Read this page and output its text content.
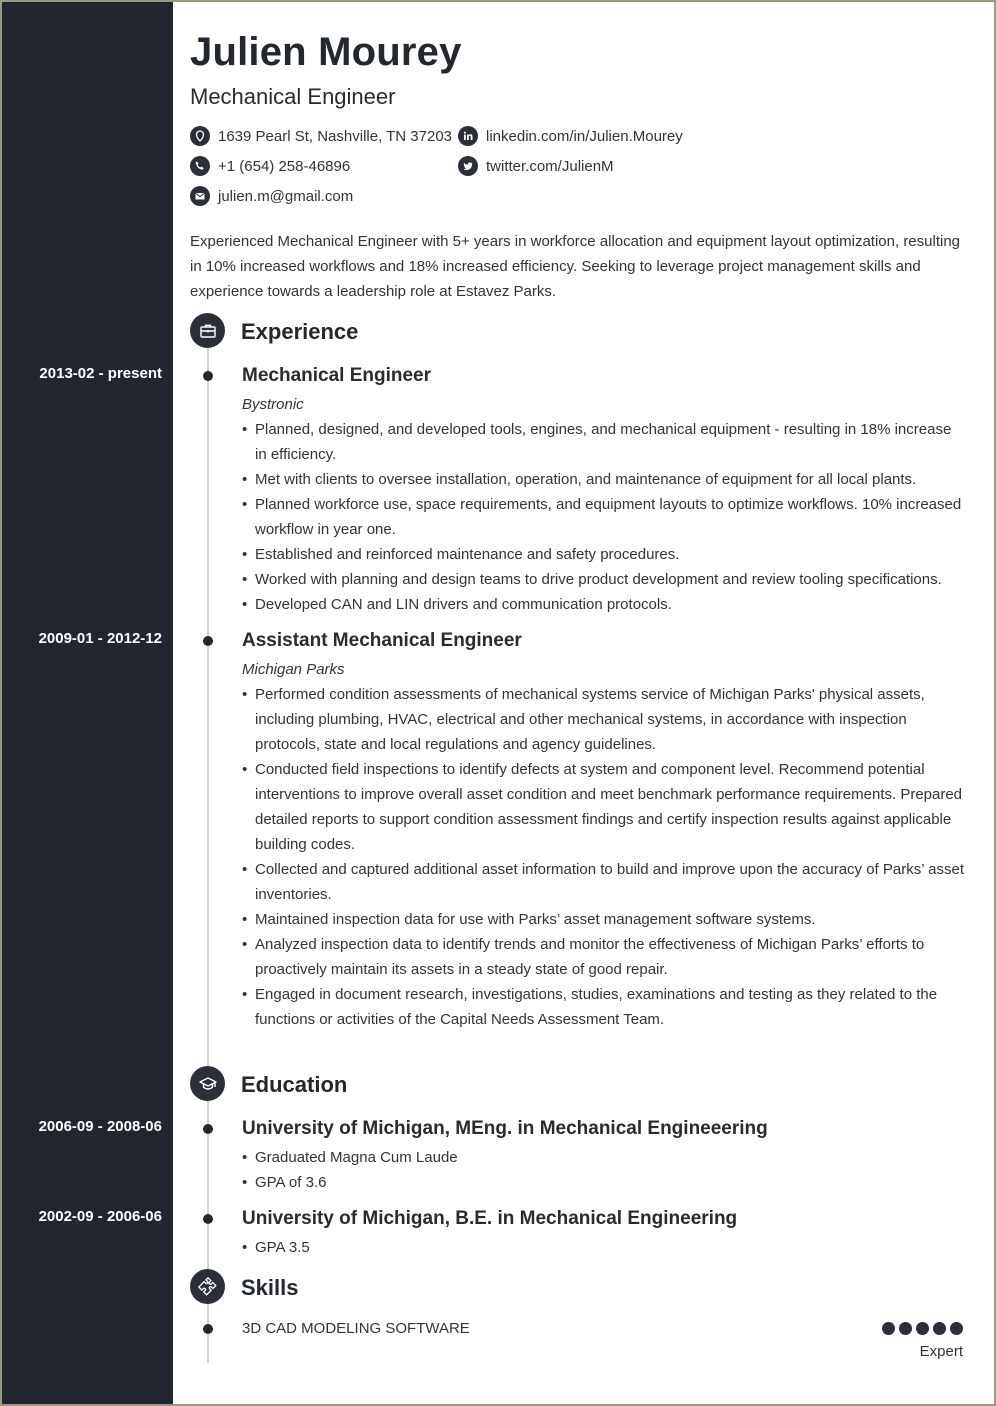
Julien Mourey
Mechanical Engineer
1639 Pearl St, Nashville, TN 37203
+1 (654) 258-46896
julien.m@gmail.com
linkedin.com/in/Julien.Mourey
twitter.com/JulienM

Experienced Mechanical Engineer with 5+ years in workforce allocation and equipment layout optimization, resulting in 10% increased workflows and 18% increased efficiency. Seeking to leverage project management skills and experience towards a leadership role at Estavez Parks.

Experience
2013-02 - present	Mechanical Engineer
Bystronic
• Planned, designed, and developed tools, engines, and mechanical equipment - resulting in 18% increase in efficiency.
• Met with clients to oversee installation, operation, and maintenance of equipment for all local plants.
• Planned workforce use, space requirements, and equipment layouts to optimize workflows. 10% increased workflow in year one.
• Established and reinforced maintenance and safety procedures.
• Worked with planning and design teams to drive product development and review tooling specifications.
• Developed CAN and LIN drivers and communication protocols.
2009-01 - 2012-12	Assistant Mechanical Engineer
Michigan Parks
• Performed condition assessments of mechanical systems service of Michigan Parks' physical assets, including plumbing, HVAC, electrical and other mechanical systems, in accordance with inspection protocols, state and local regulations and agency guidelines.
• Conducted field inspections to identify defects at system and component level. Recommend potential interventions to improve overall asset condition and meet benchmark performance requirements. Prepared detailed reports to support condition assessment findings and certify inspection results against applicable building codes.
• Collected and captured additional asset information to build and improve upon the accuracy of Parks’ asset inventories.
• Maintained inspection data for use with Parks’ asset management software systems.
• Analyzed inspection data to identify trends and monitor the effectiveness of Michigan Parks’ efforts to proactively maintain its assets in a steady state of good repair.
• Engaged in document research, investigations, studies, examinations and testing as they related to the functions or activities of the Capital Needs Assessment Team.
Education
2006-09 - 2008-06	University of Michigan, MEng. in Mechanical Engineeering
• Graduated Magna Cum Laude
• GPA of 3.6
2002-09 - 2006-06	University of Michigan, B.E. in Mechanical Engineering
• GPA 3.5
Skills
3D CAD MODELING SOFTWARE
Expert
